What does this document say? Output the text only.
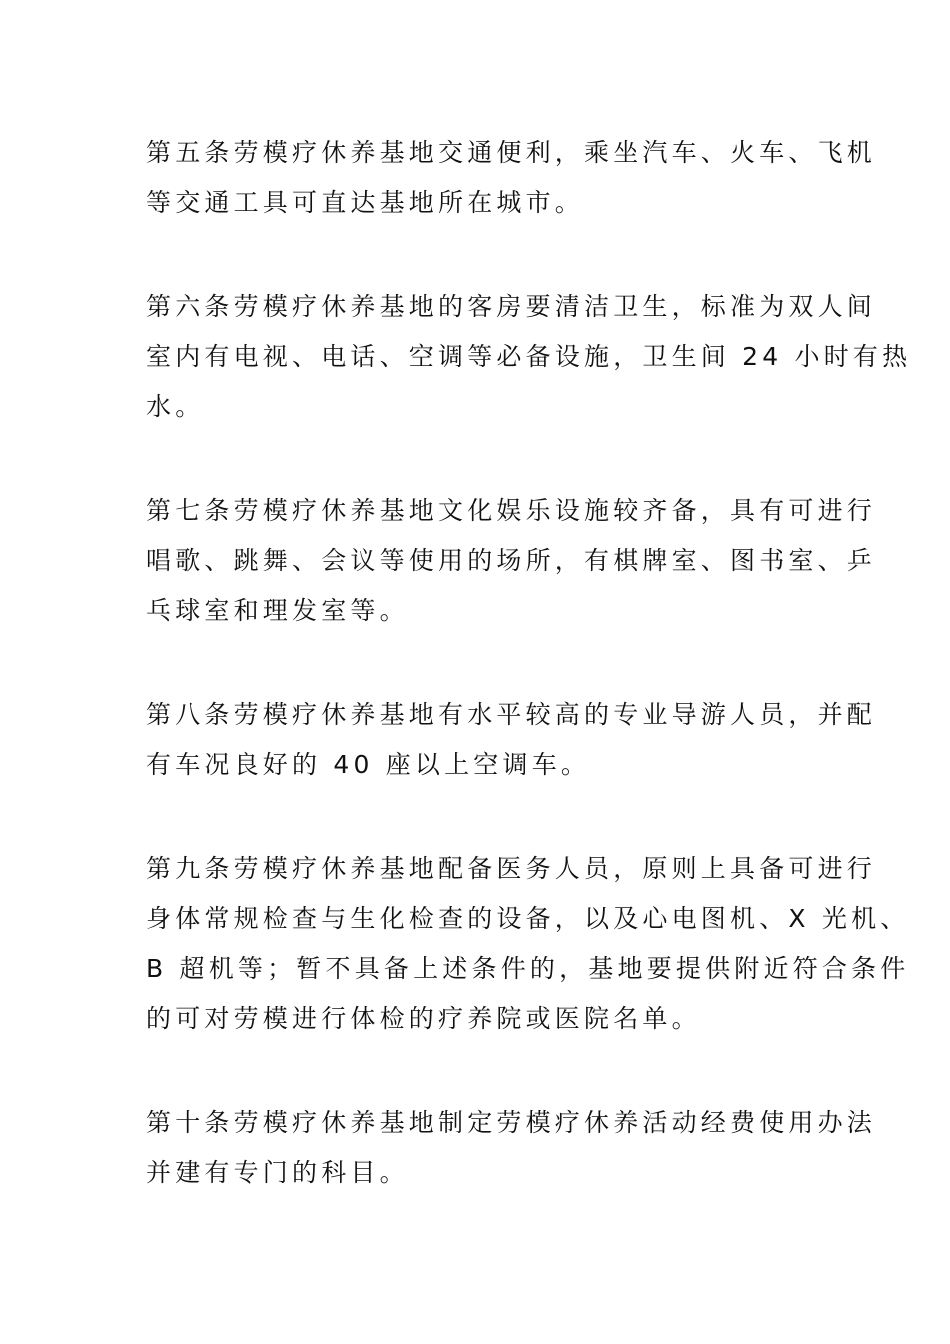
第五条劳模疗休养基地交通便利，乘坐汽车、火车、飞机
等交通工具可直达基地所在城市。

第六条劳模疗休养基地的客房要清洁卫生，标准为双人间
室内有电视、电话、空调等必备设施，卫生间 24 小时有热
水。

第七条劳模疗休养基地文化娱乐设施较齐备，具有可进行
唱歌、跳舞、会议等使用的场所，有棋牌室、图书室、乒
乓球室和理发室等。

第八条劳模疗休养基地有水平较高的专业导游人员，并配
有车况良好的 40 座以上空调车。

第九条劳模疗休养基地配备医务人员，原则上具备可进行
身体常规检查与生化检查的设备，以及心电图机、X 光机、
B 超机等；暂不具备上述条件的，基地要提供附近符合条件
的可对劳模进行体检的疗养院或医院名单。

第十条劳模疗休养基地制定劳模疗休养活动经费使用办法
并建有专门的科目。
